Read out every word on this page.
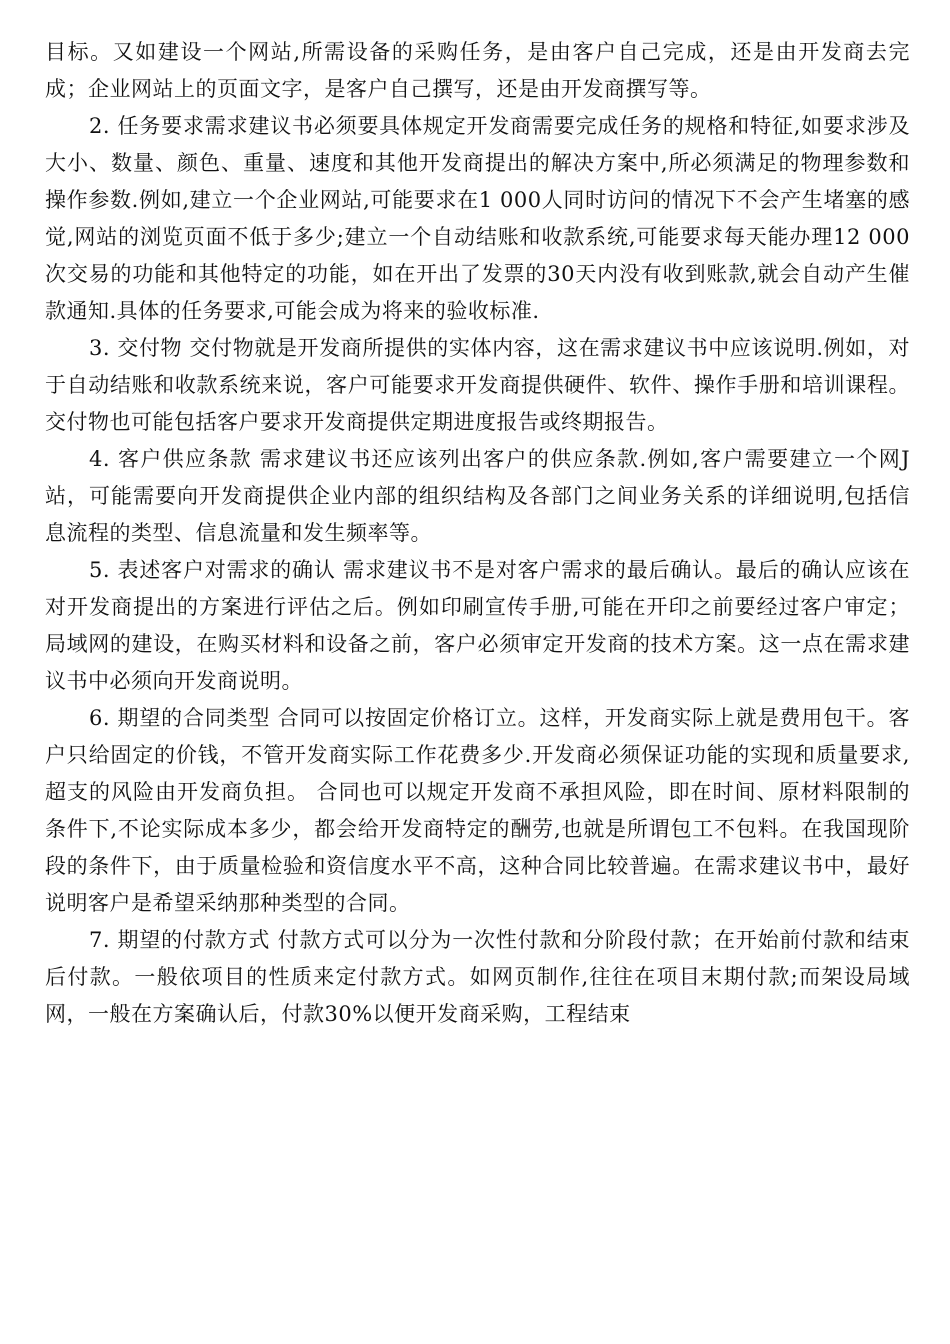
目标。又如建设一个网站,所需设备的采购任务，是由客户自己完成，还是由开发商去完成；企业网站上的页面文字，是客户自己撰写，还是由开发商撰写等。

2. 任务要求需求建议书必须要具体规定开发商需要完成任务的规格和特征,如要求涉及大小、数量、颜色、重量、速度和其他开发商提出的解决方案中,所必须满足的物理参数和操作参数.例如,建立一个企业网站,可能要求在1 000人同时访问的情况下不会产生堵塞的感觉,网站的浏览页面不低于多少;建立一个自动结账和收款系统,可能要求每天能办理12 000次交易的功能和其他特定的功能，如在开出了发票的30天内没有收到账款,就会自动产生催款通知.具体的任务要求,可能会成为将来的验收标准.

3. 交付物 交付物就是开发商所提供的实体内容，这在需求建议书中应该说明.例如，对于自动结账和收款系统来说，客户可能要求开发商提供硬件、软件、操作手册和培训课程。交付物也可能包括客户要求开发商提供定期进度报告或终期报告。

4. 客户供应条款 需求建议书还应该列出客户的供应条款.例如,客户需要建立一个网J站，可能需要向开发商提供企业内部的组织结构及各部门之间业务关系的详细说明,包括信息流程的类型、信息流量和发生频率等。

5. 表述客户对需求的确认 需求建议书不是对客户需求的最后确认。最后的确认应该在对开发商提出的方案进行评估之后。例如印刷宣传手册,可能在开印之前要经过客户审定；局域网的建设，在购买材料和设备之前，客户必须审定开发商的技术方案。这一点在需求建议书中必须向开发商说明。

6. 期望的合同类型 合同可以按固定价格订立。这样，开发商实际上就是费用包干。客户只给固定的价钱，不管开发商实际工作花费多少.开发商必须保证功能的实现和质量要求,超支的风险由开发商负担。 合同也可以规定开发商不承担风险，即在时间、原材料限制的条件下,不论实际成本多少，都会给开发商特定的酬劳,也就是所谓包工不包料。在我国现阶段的条件下，由于质量检验和资信度水平不高，这种合同比较普遍。在需求建议书中，最好说明客户是希望采纳那种类型的合同。

7. 期望的付款方式 付款方式可以分为一次性付款和分阶段付款；在开始前付款和结束后付款。一般依项目的性质来定付款方式。如网页制作,往往在项目末期付款;而架设局域网，一般在方案确认后，付款30%以便开发商采购，工程结束
